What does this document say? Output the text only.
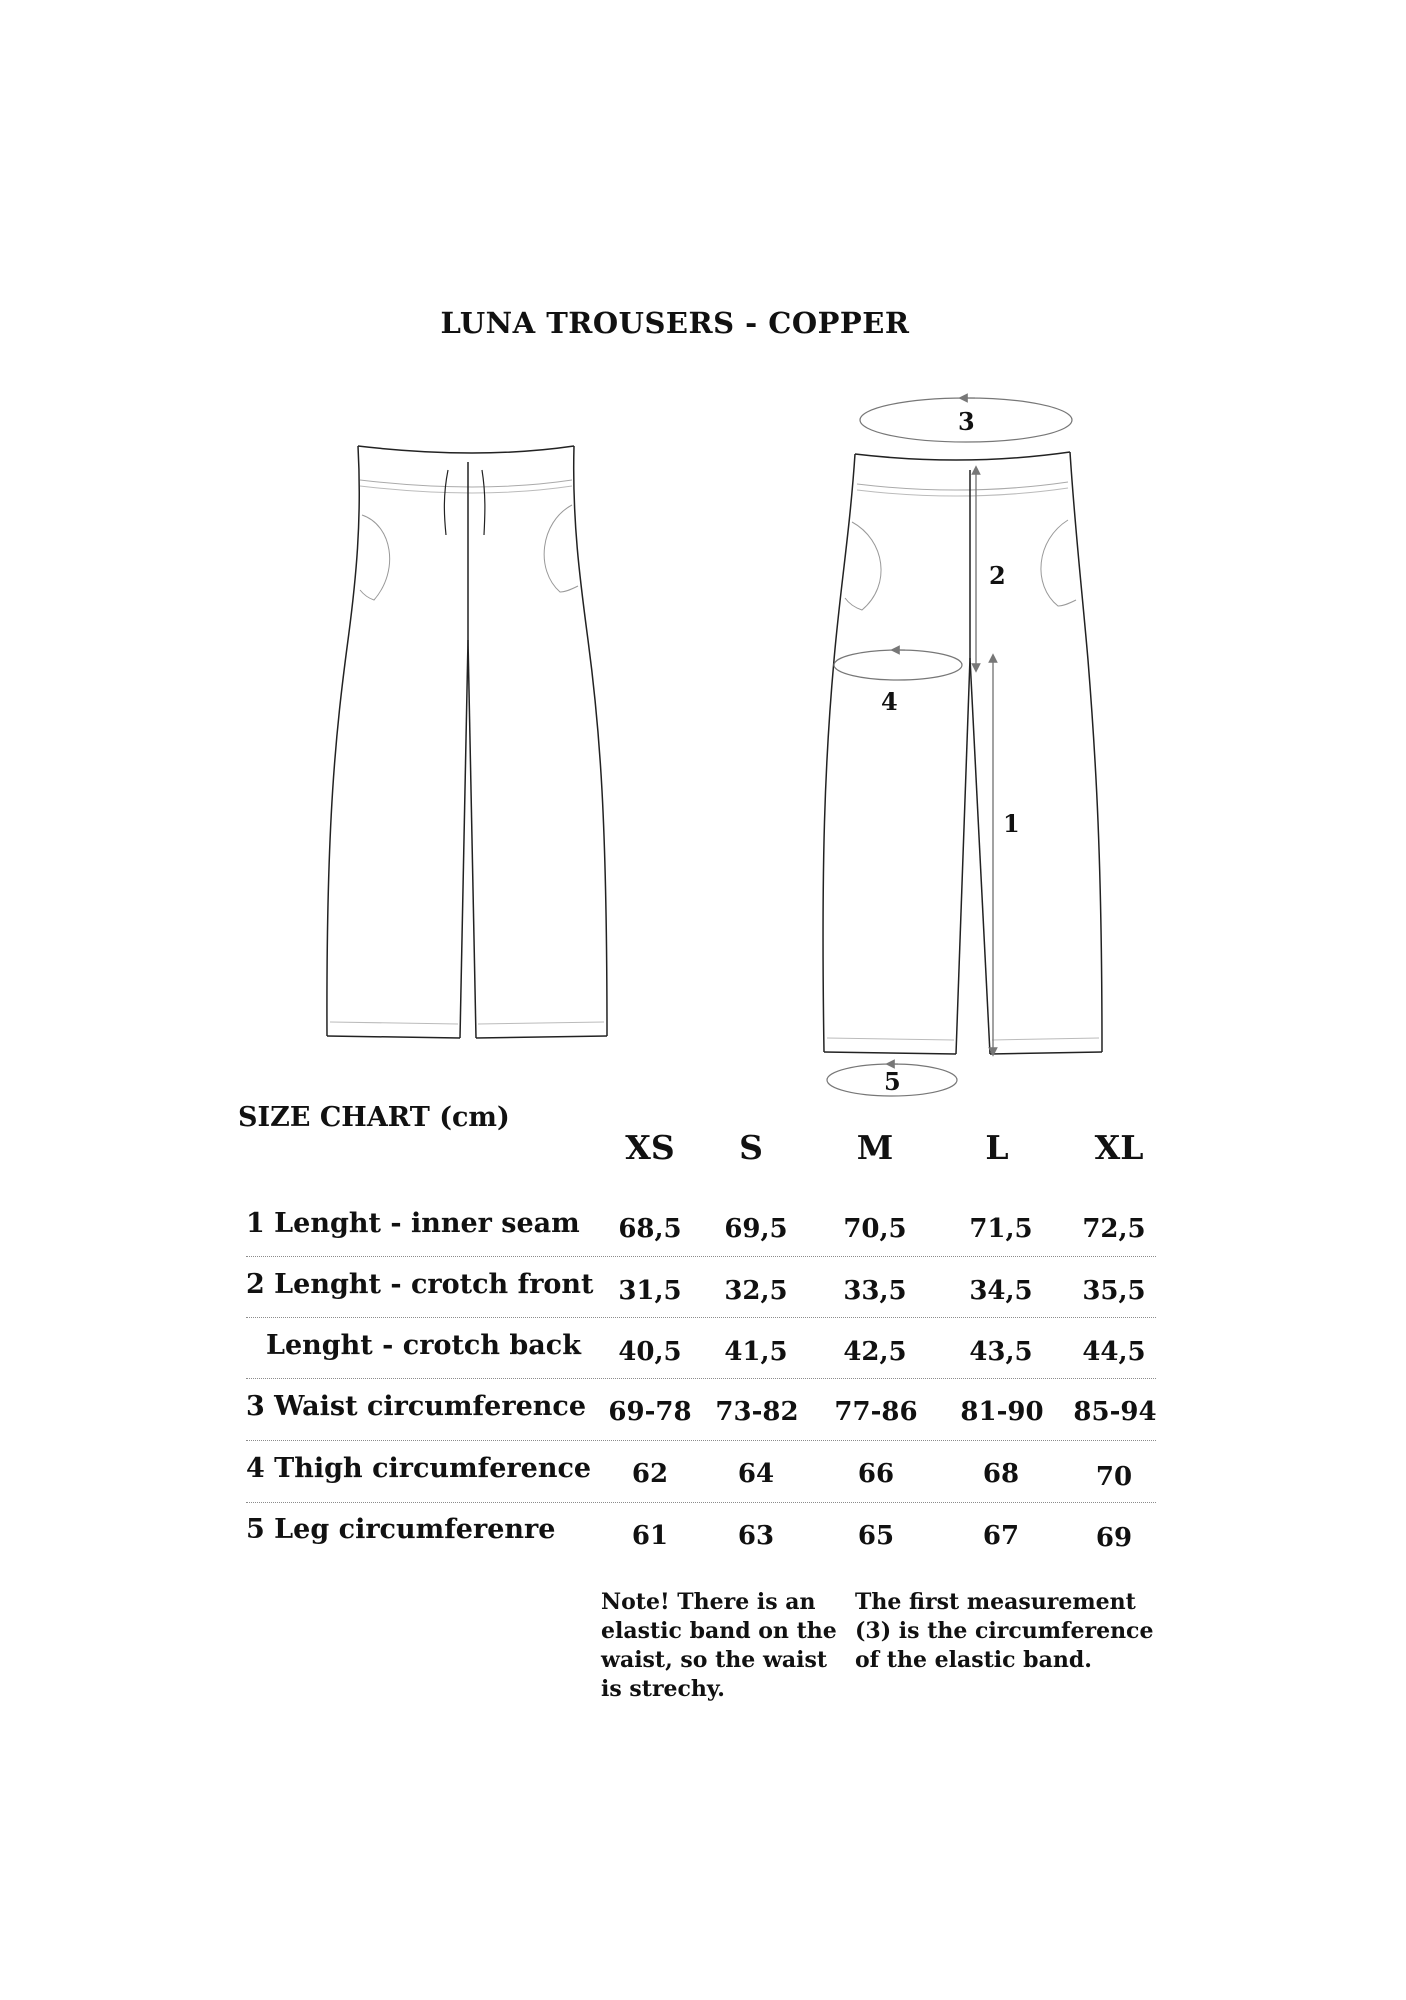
LUNA TROUSERS - COPPER
3
2
4
1
5
SIZE CHART (cm)
XS	S	M	L	XL
1 Lenght - inner seam	68,5	69,5	70,5	71,5	72,5
2 Lenght - crotch front 31,5	32,5	33,5	34,5	35,5
Lenght - crotch back	40,5	41,5	42,5	43,5	44,5
3 Waist circumference 69-78 73-82	77-86	81-90	85-94
4 Thigh circumference	62	64	66	68	70
5 Leg circumferenre	61	63	65	67	69
Note! There is an
elastic band on the
waist, so the waist
is strechy.
The first measurement
(3) is the circumference
of the elastic band.
